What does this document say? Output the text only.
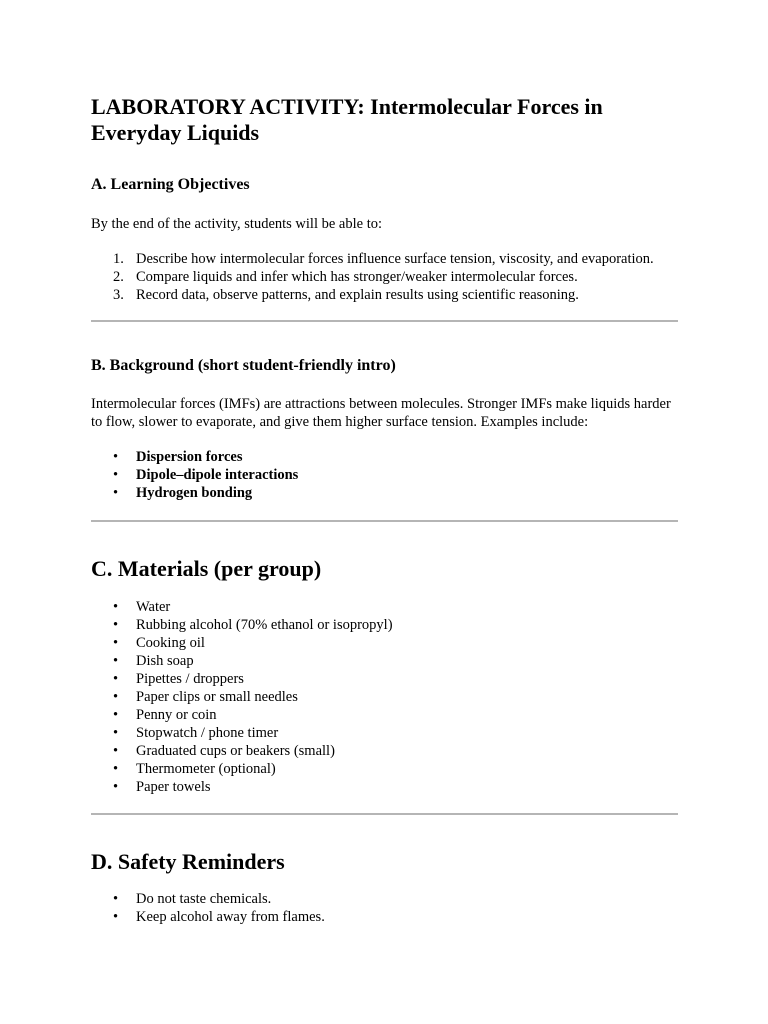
LABORATORY ACTIVITY: Intermolecular Forces in Everyday Liquids
A. Learning Objectives

By the end of the activity, students will be able to:

1. Describe how intermolecular forces influence surface tension, viscosity, and evaporation.
2. Compare liquids and infer which has stronger/weaker intermolecular forces.
3. Record data, observe patterns, and explain results using scientific reasoning.
B. Background (short student-friendly intro)

Intermolecular forces (IMFs) are attractions between molecules. Stronger IMFs make liquids harder to flow, slower to evaporate, and give them higher surface tension. Examples include:

• Dispersion forces
• Dipole–dipole interactions
• Hydrogen bonding
C. Materials (per group)
• Water
• Rubbing alcohol (70% ethanol or isopropyl)
• Cooking oil
• Dish soap
• Pipettes / droppers
• Paper clips or small needles
• Penny or coin
• Stopwatch / phone timer
• Graduated cups or beakers (small)
• Thermometer (optional)
• Paper towels
D. Safety Reminders
• Do not taste chemicals.
• Keep alcohol away from flames.
